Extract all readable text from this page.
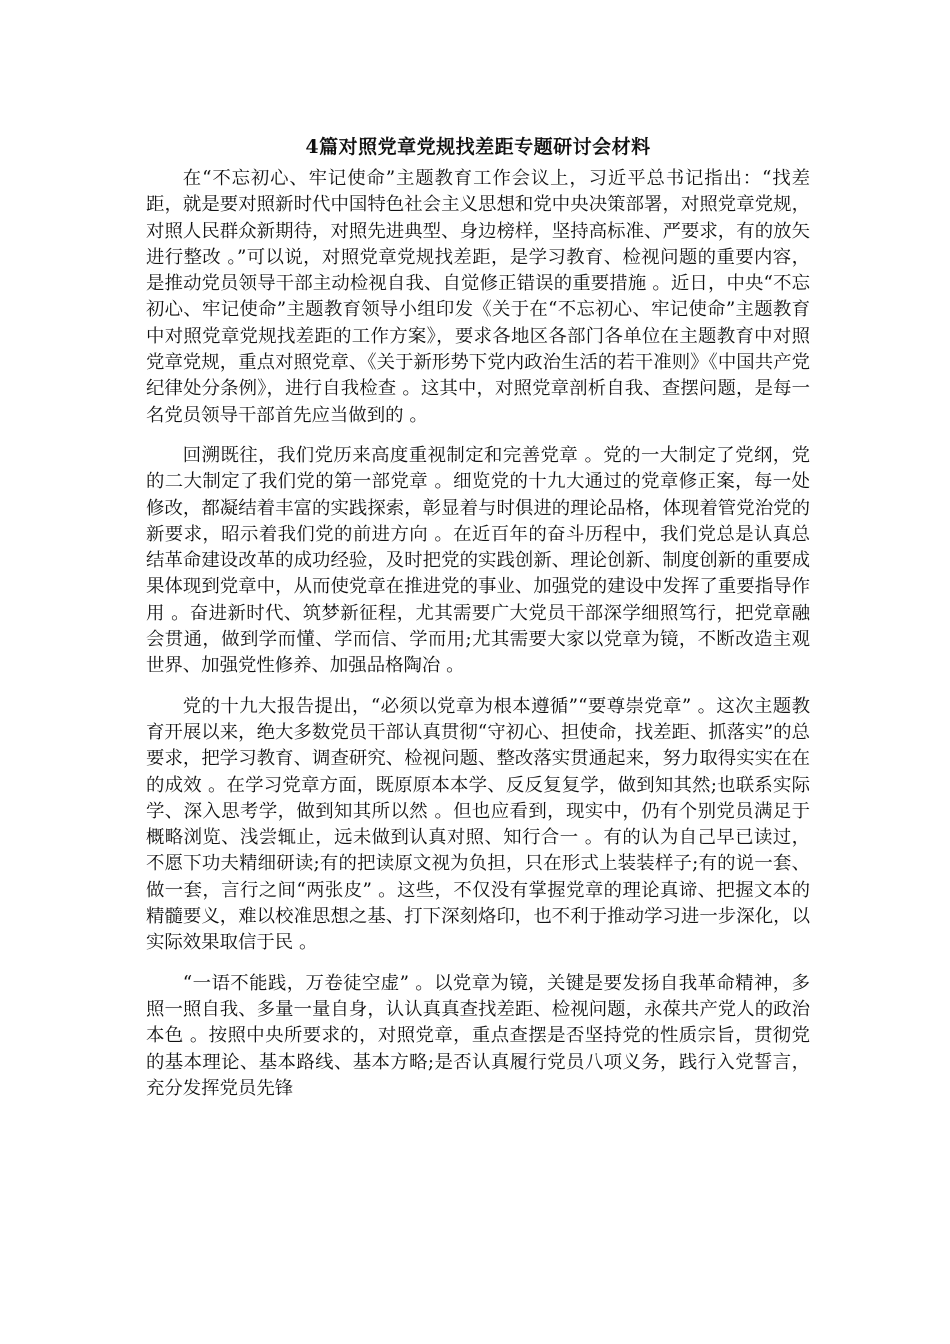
4篇对照党章党规找差距专题研讨会材料

在“不忘初心、牢记使命”主题教育工作会议上，习近平总书记指出：“找差距，就是要对照新时代中国特色社会主义思想和党中央决策部署，对照党章党规，对照人民群众新期待，对照先进典型、身边榜样，坚持高标准、严要求，有的放矢进行整改 。”可以说，对照党章党规找差距，是学习教育、检视问题的重要内容，是推动党员领导干部主动检视自我、自觉修正错误的重要措施 。近日，中央“不忘初心、牢记使命”主题教育领导小组印发《关于在“不忘初心、牢记使命”主题教育中对照党章党规找差距的工作方案》，要求各地区各部门各单位在主题教育中对照党章党规，重点对照党章、《关于新形势下党内政治生活的若干准则》《中国共产党纪律处分条例》，进行自我检查 。这其中，对照党章剖析自我、查摆问题，是每一名党员领导干部首先应当做到的 。

回溯既往，我们党历来高度重视制定和完善党章 。党的一大制定了党纲，党的二大制定了我们党的第一部党章 。细览党的十九大通过的党章修正案，每一处修改，都凝结着丰富的实践探索，彰显着与时俱进的理论品格，体现着管党治党的新要求，昭示着我们党的前进方向 。在近百年的奋斗历程中，我们党总是认真总结革命建设改革的成功经验，及时把党的实践创新、理论创新、制度创新的重要成果体现到党章中，从而使党章在推进党的事业、加强党的建设中发挥了重要指导作用 。奋进新时代、筑梦新征程，尤其需要广大党员干部深学细照笃行，把党章融会贯通，做到学而懂、学而信、学而用;尤其需要大家以党章为镜，不断改造主观世界、加强党性修养、加强品格陶冶 。

党的十九大报告提出，“必须以党章为根本遵循”“要尊崇党章” 。这次主题教育开展以来，绝大多数党员干部认真贯彻“守初心、担使命，找差距、抓落实”的总要求，把学习教育、调查研究、检视问题、整改落实贯通起来，努力取得实实在在的成效 。在学习党章方面，既原原本本学、反反复复学，做到知其然;也联系实际学、深入思考学，做到知其所以然 。但也应看到，现实中，仍有个别党员满足于概略浏览、浅尝辄止，远未做到认真对照、知行合一 。有的认为自己早已读过，不愿下功夫精细研读;有的把读原文视为负担，只在形式上装装样子;有的说一套、做一套，言行之间“两张皮” 。这些，不仅没有掌握党章的理论真谛、把握文本的精髓要义，难以校准思想之基、打下深刻烙印，也不利于推动学习进一步深化，以实际效果取信于民 。

“一语不能践，万卷徒空虚” 。以党章为镜，关键是要发扬自我革命精神，多照一照自我、多量一量自身，认认真真查找差距、检视问题，永葆共产党人的政治本色 。按照中央所要求的，对照党章，重点查摆是否坚持党的性质宗旨，贯彻党的基本理论、基本路线、基本方略;是否认真履行党员八项义务，践行入党誓言，充分发挥党员先锋
